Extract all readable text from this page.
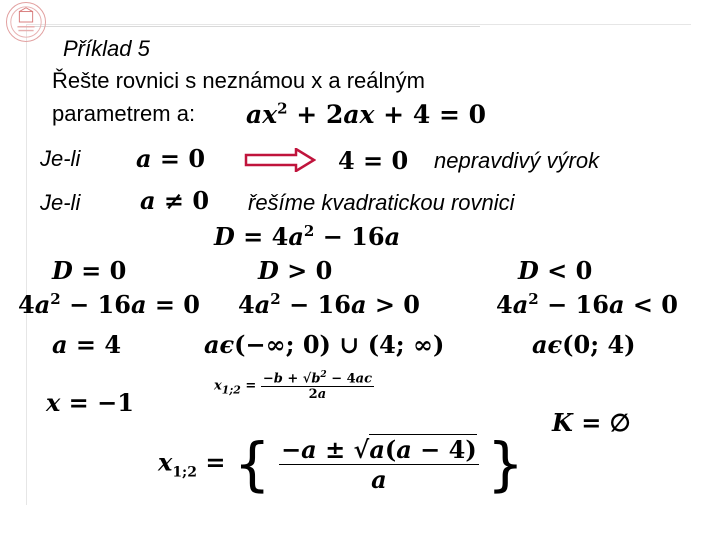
Příklad 5
Řešte rovnici s neznámou x a reálným
parametrem a: $ax^2 + 2ax + 4 = 0$
Je-li a = 0	4 = 0 nepravdivý výrok
Je-li a ≠ 0 řešíme kvadratickou rovnici
$D = 4a^2 - 16a$
D = 0
$4a^2 - 16a = 0$
a = 4
x = −1
D > 0
$4a^2 - 16a > 0$
aϵ(−∞; 0) ∪ (4; ∞)
$x_{1;2} = \frac{-b + √b^2 - 4ac}{2a}$
$x_{1;2}$ = { $\frac{-a \pm √a(a - 4)}{a}$ }
D < 0
$4a^2 - 16a < 0$
aϵ(0; 4)
K = ∅
